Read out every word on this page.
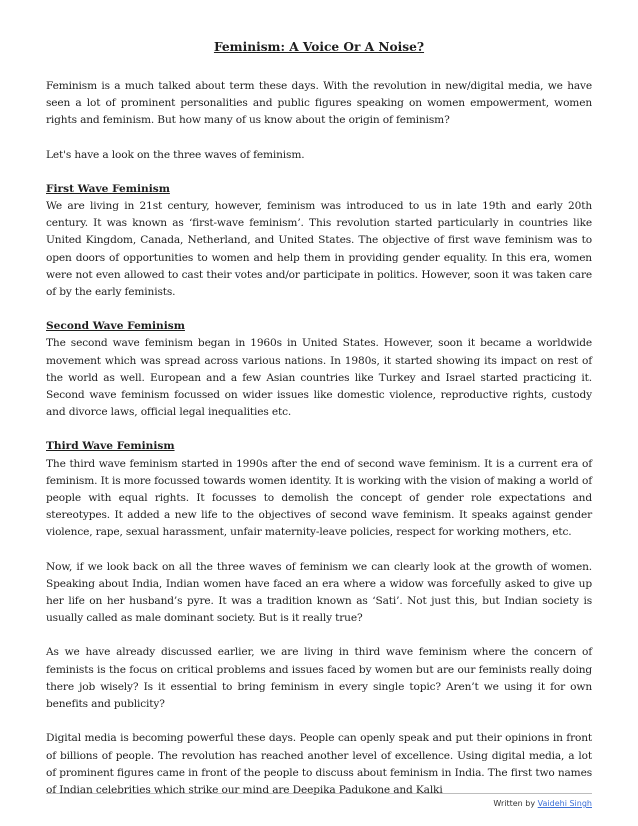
Feminism: A Voice Or A Noise?

Feminism is a much talked about term these days. With the revolution in new/digital media, we have seen a lot of prominent personalities and public figures speaking on women empowerment, women rights and feminism. But how many of us know about the origin of feminism?

Let's have a look on the three waves of feminism.

First Wave Feminism

We are living in 21st century, however, feminism was introduced to us in late 19th and early 20th century. It was known as ‘first-wave feminism’. This revolution started particularly in countries like United Kingdom, Canada, Netherland, and United States. The objective of first wave feminism was to open doors of opportunities to women and help them in providing gender equality. In this era, women were not even allowed to cast their votes and/or participate in politics. However, soon it was taken care of by the early feminists.

Second Wave Feminism

The second wave feminism began in 1960s in United States. However, soon it became a worldwide movement which was spread across various nations. In 1980s, it started showing its impact on rest of the world as well. European and a few Asian countries like Turkey and Israel started practicing it. Second wave feminism focussed on wider issues like domestic violence, reproductive rights, custody and divorce laws, official legal inequalities etc.

Third Wave Feminism

The third wave feminism started in 1990s after the end of second wave feminism. It is a current era of feminism. It is more focussed towards women identity. It is working with the vision of making a world of people with equal rights. It focusses to demolish the concept of gender role expectations and stereotypes. It added a new life to the objectives of second wave feminism. It speaks against gender violence, rape, sexual harassment, unfair maternity-leave policies, respect for working mothers, etc.

Now, if we look back on all the three waves of feminism we can clearly look at the growth of women. Speaking about India, Indian women have faced an era where a widow was forcefully asked to give up her life on her husband’s pyre. It was a tradition known as ‘Sati’. Not just this, but Indian society is usually called as male dominant society. But is it really true?

As we have already discussed earlier, we are living in third wave feminism where the concern of feminists is the focus on critical problems and issues faced by women but are our feminists really doing there job wisely? Is it essential to bring feminism in every single topic? Aren’t we using it for own benefits and publicity?

Digital media is becoming powerful these days. People can openly speak and put their opinions in front of billions of people. The revolution has reached another level of excellence. Using digital media, a lot of prominent figures came in front of the people to discuss about feminism in India. The first two names of Indian celebrities which strike our mind are Deepika Padukone and Kalki

Written by Vaidehi Singh
